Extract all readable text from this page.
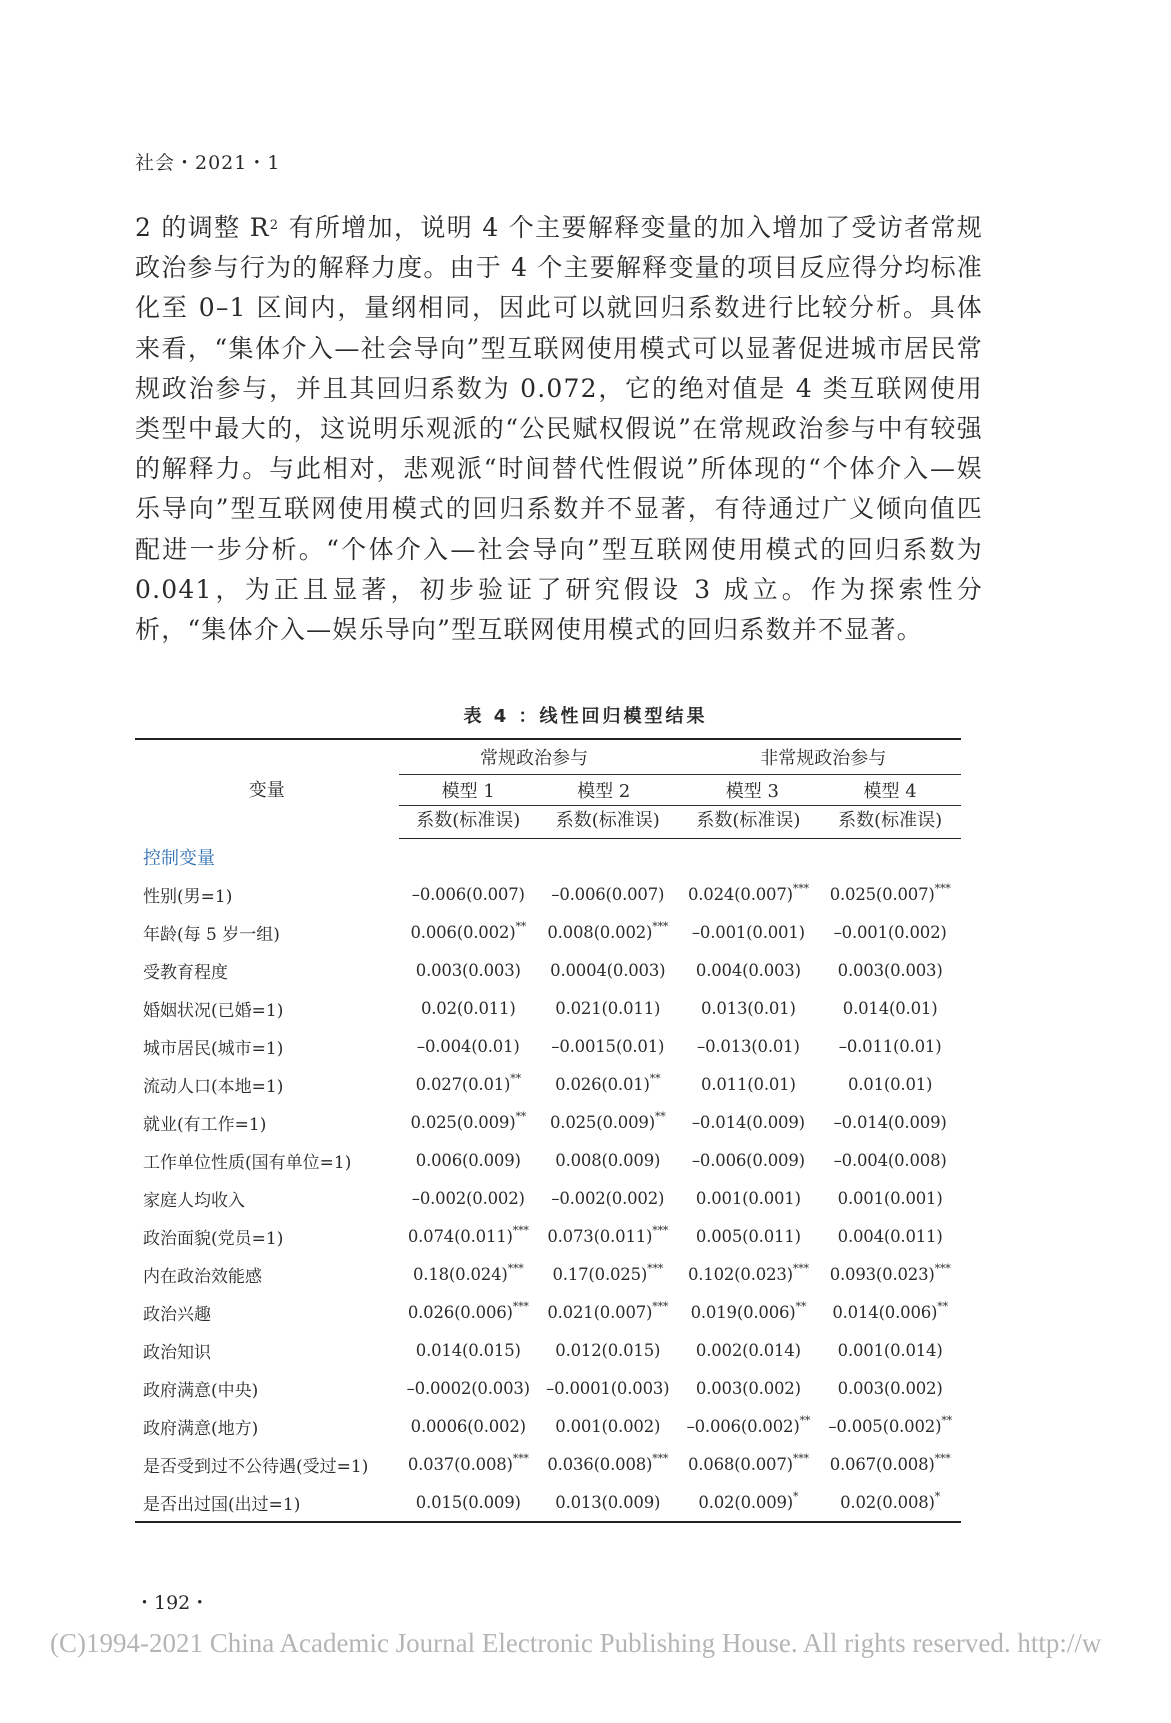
社会・2021・1

2 的调整 $R^2$ 有所增加，说明 4 个主要解释变量的加入增加了受访者常规政治参与行为的解释力度。由于 4 个主要解释变量的项目反应得分均标准化至 0–1 区间内，量纲相同，因此可以就回归系数进行比较分析。具体来看，“集体介入—社会导向”型互联网使用模式可以显著促进城市居民常规政治参与，并且其回归系数为 0.072，它的绝对值是 4 类互联网使用类型中最大的，这说明乐观派的“公民赋权假说”在常规政治参与中有较强的解释力。与此相对，悲观派“时间替代性假说”所体现的“个体介入—娱乐导向”型互联网使用模式的回归系数并不显著，有待通过广义倾向值匹配进一步分析。“个体介入—社会导向”型互联网使用模式的回归系数为 0.041，为正且显著，初步验证了研究假设 3 成立。作为探索性分析，“集体介入—娱乐导向”型互联网使用模式的回归系数并不显著。

表 4 ：线性回归模型结果
变量	常规政治参与		非常规政治参与	
	模型 1	模型 2	模型 3	模型 4
	系数(标准误)	系数(标准误)	系数(标准误)	系数(标准误)
控制变量				
性别(男=1)	–0.006(0.007)	–0.006(0.007)	0.024(0.007)***	0.025(0.007)***
年龄(每 5 岁一组)	0.006(0.002)**	0.008(0.002)***	–0.001(0.001)	–0.001(0.002)
受教育程度	0.003(0.003)	0.0004(0.003)	0.004(0.003)	0.003(0.003)
婚姻状况(已婚=1)	0.02(0.011)	0.021(0.011)	0.013(0.01)	0.014(0.01)
城市居民(城市=1)	–0.004(0.01)	–0.0015(0.01)	–0.013(0.01)	–0.011(0.01)
流动人口(本地=1)	0.027(0.01)**	0.026(0.01)**	0.011(0.01)	0.01(0.01)
就业(有工作=1)	0.025(0.009)**	0.025(0.009)**	–0.014(0.009)	–0.014(0.009)
工作单位性质(国有单位=1)	0.006(0.009)	0.008(0.009)	–0.006(0.009)	–0.004(0.008)
家庭人均收入	–0.002(0.002)	–0.002(0.002)	0.001(0.001)	0.001(0.001)
政治面貌(党员=1)	0.074(0.011)***	0.073(0.011)***	0.005(0.011)	0.004(0.011)
内在政治效能感	0.18(0.024)***	0.17(0.025)***	0.102(0.023)***	0.093(0.023)***
政治兴趣	0.026(0.006)***	0.021(0.007)***	0.019(0.006)**	0.014(0.006)**
政治知识	0.014(0.015)	0.012(0.015)	0.002(0.014)	0.001(0.014)
政府满意(中央)	–0.0002(0.003)	–0.0001(0.003)	0.003(0.002)	0.003(0.002)
政府满意(地方)	0.0006(0.002)	0.001(0.002)	–0.006(0.002)**	–0.005(0.002)**
是否受到过不公待遇(受过=1)	0.037(0.008)***	0.036(0.008)***	0.068(0.007)***	0.067(0.008)***
是否出过国(出过=1)	0.015(0.009)	0.013(0.009)	0.02(0.009)*	0.02(0.008)*
・192・
(C)1994-2021 China Academic Journal Electronic Publishing House. All rights reserved. http://w
